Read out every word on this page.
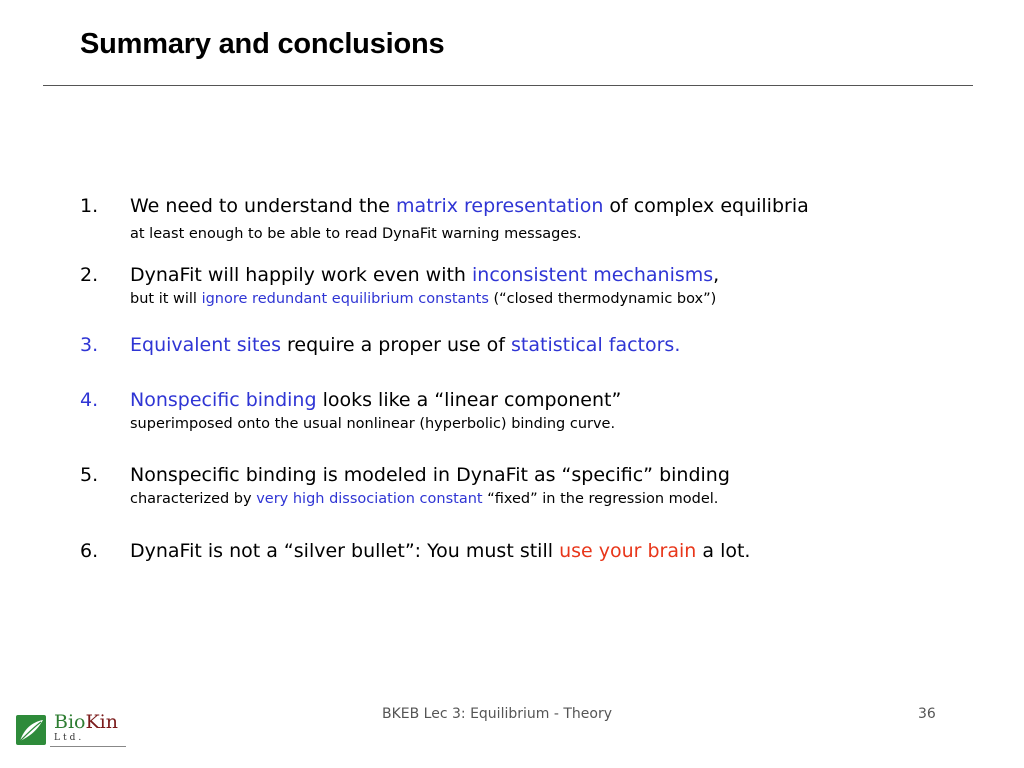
Summary and conclusions
1. We need to understand the matrix representation of complex equilibria
at least enough to be able to read DynaFit warning messages.
2. DynaFit will happily work even with inconsistent mechanisms,
but it will ignore redundant equilibrium constants (“closed thermodynamic box”)
3. Equivalent sites require a proper use of statistical factors.
4. Nonspecific binding looks like a “linear component”
superimposed onto the usual nonlinear (hyperbolic) binding curve.
5. Nonspecific binding is modeled in DynaFit as “specific” binding
characterized by very high dissociation constant “fixed” in the regression model.
6. DynaFit is not a “silver bullet”: You must still use your brain a lot.
BioKin
Ltd.
BKEB Lec 3: Equilibrium - Theory	36
